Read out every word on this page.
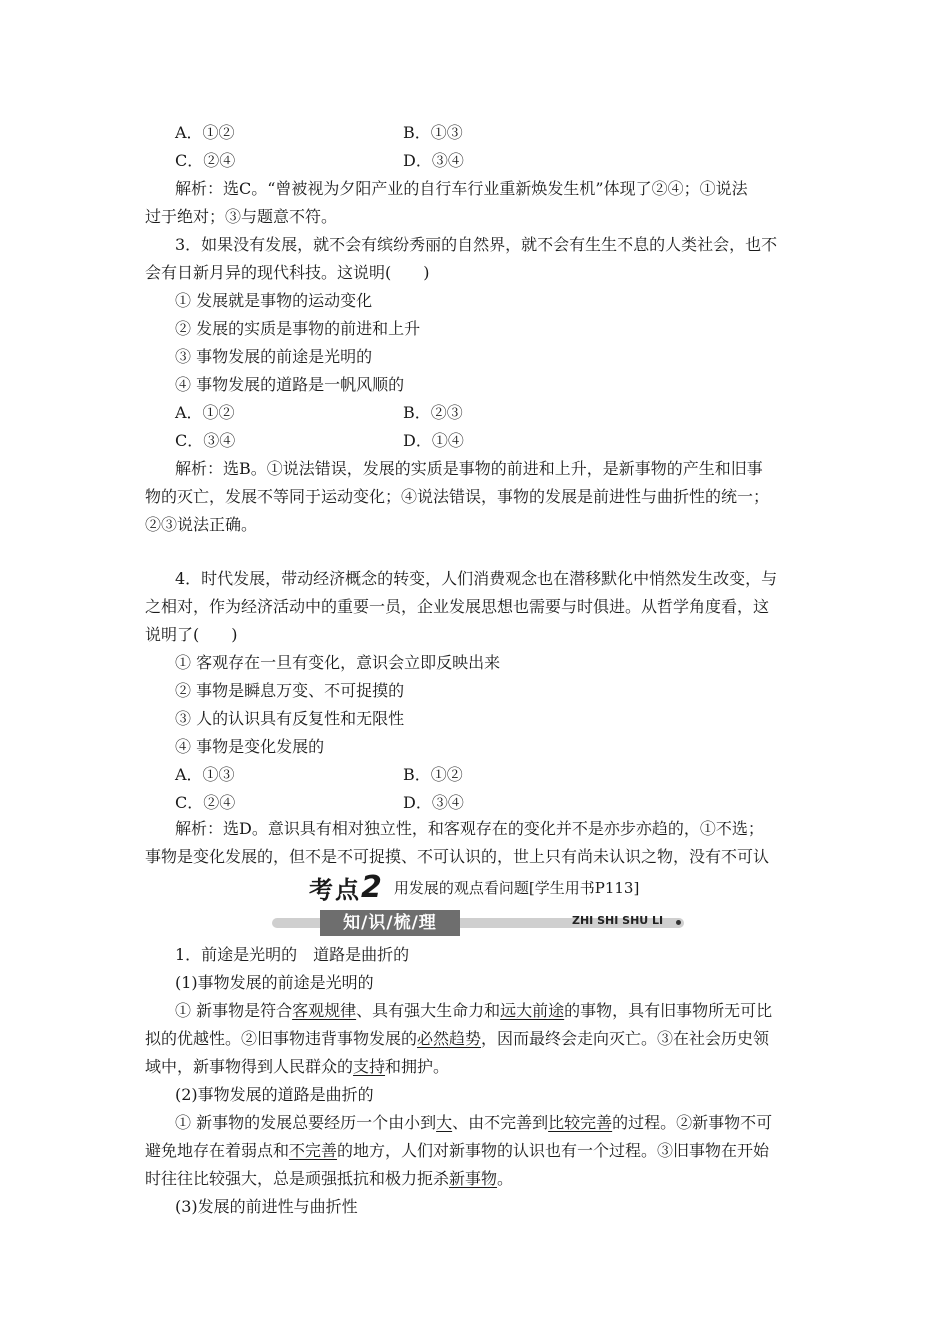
A．①②	B．①③
C．②④	D．③④
解析：选C。“曾被视为夕阳产业的自行车行业重新焕发生机”体现了②④；①说法
过于绝对；③与题意不符。
3．如果没有发展，就不会有缤纷秀丽的自然界，就不会有生生不息的人类社会，也不
会有日新月异的现代科技。这说明(　　)
① 发展就是事物的运动变化
② 发展的实质是事物的前进和上升
③ 事物发展的前途是光明的
④ 事物发展的道路是一帆风顺的
A．①②	B．②③
C．③④	D．①④
解析：选B。①说法错误，发展的实质是事物的前进和上升，是新事物的产生和旧事
物的灭亡，发展不等同于运动变化；④说法错误，事物的发展是前进性与曲折性的统一；
②③说法正确。
4．时代发展，带动经济概念的转变，人们消费观念也在潜移默化中悄然发生改变，与
之相对，作为经济活动中的重要一员，企业发展思想也需要与时俱进。从哲学角度看，这
说明了(　　)
① 客观存在一旦有变化，意识会立即反映出来
② 事物是瞬息万变、不可捉摸的
③ 人的认识具有反复性和无限性
④ 事物是变化发展的
A．①③	B．①②
C．②④	D．③④
解析：选D。意识具有相对独立性，和客观存在的变化并不是亦步亦趋的，①不选；
事物是变化发展的，但不是不可捉摸、不可认识的，世上只有尚未认识之物，没有不可认
考点2 用发展的观点看问题[学生用书P113]
知/识/梳/理	ZHI SHI SHU LI
1．前途是光明的　道路是曲折的
(1)事物发展的前途是光明的
① 新事物是符合客观规律、具有强大生命力和远大前途的事物，具有旧事物所无可比
拟的优越性。②旧事物违背事物发展的必然趋势，因而最终会走向灭亡。③在社会历史领
域中，新事物得到人民群众的支持和拥护。
(2)事物发展的道路是曲折的
① 新事物的发展总要经历一个由小到大、由不完善到比较完善的过程。②新事物不可
避免地存在着弱点和不完善的地方，人们对新事物的认识也有一个过程。③旧事物在开始
时往往比较强大，总是顽强抵抗和极力扼杀新事物。
(3)发展的前进性与曲折性
